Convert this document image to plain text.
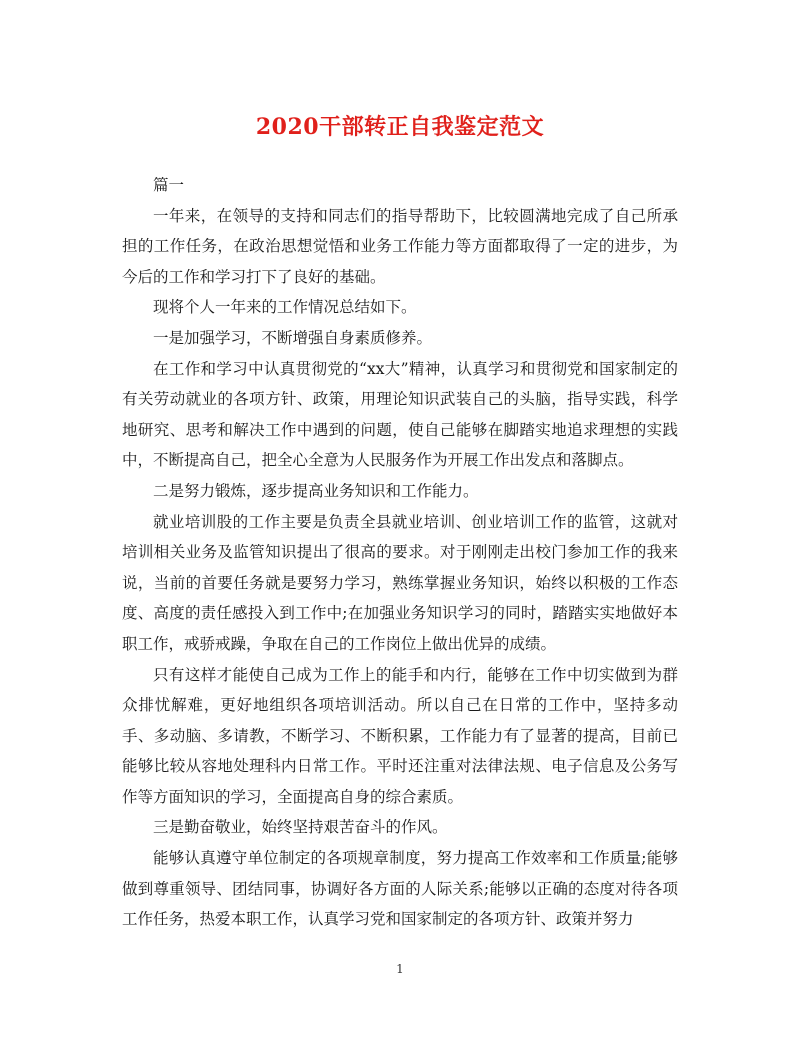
2020干部转正自我鉴定范文

篇一

一年来，在领导的支持和同志们的指导帮助下，比较圆满地完成了自己所承担的工作任务，在政治思想觉悟和业务工作能力等方面都取得了一定的进步，为今后的工作和学习打下了良好的基础。

现将个人一年来的工作情况总结如下。

一是加强学习，不断增强自身素质修养。

在工作和学习中认真贯彻党的“xx大”精神，认真学习和贯彻党和国家制定的有关劳动就业的各项方针、政策，用理论知识武装自己的头脑，指导实践，科学地研究、思考和解决工作中遇到的问题，使自己能够在脚踏实地追求理想的实践中，不断提高自己，把全心全意为人民服务作为开展工作出发点和落脚点。

二是努力锻炼，逐步提高业务知识和工作能力。

就业培训股的工作主要是负责全县就业培训、创业培训工作的监管，这就对培训相关业务及监管知识提出了很高的要求。对于刚刚走出校门参加工作的我来说，当前的首要任务就是要努力学习，熟练掌握业务知识，始终以积极的工作态度、高度的责任感投入到工作中;在加强业务知识学习的同时，踏踏实实地做好本职工作，戒骄戒躁，争取在自己的工作岗位上做出优异的成绩。

只有这样才能使自己成为工作上的能手和内行，能够在工作中切实做到为群众排忧解难，更好地组织各项培训活动。所以自己在日常的工作中，坚持多动手、多动脑、多请教，不断学习、不断积累，工作能力有了显著的提高，目前已能够比较从容地处理科内日常工作。平时还注重对法律法规、电子信息及公务写作等方面知识的学习，全面提高自身的综合素质。

三是勤奋敬业，始终坚持艰苦奋斗的作风。

能够认真遵守单位制定的各项规章制度，努力提高工作效率和工作质量;能够做到尊重领导、团结同事，协调好各方面的人际关系;能够以正确的态度对待各项工作任务，热爱本职工作，认真学习党和国家制定的各项方针、政策并努力

1
